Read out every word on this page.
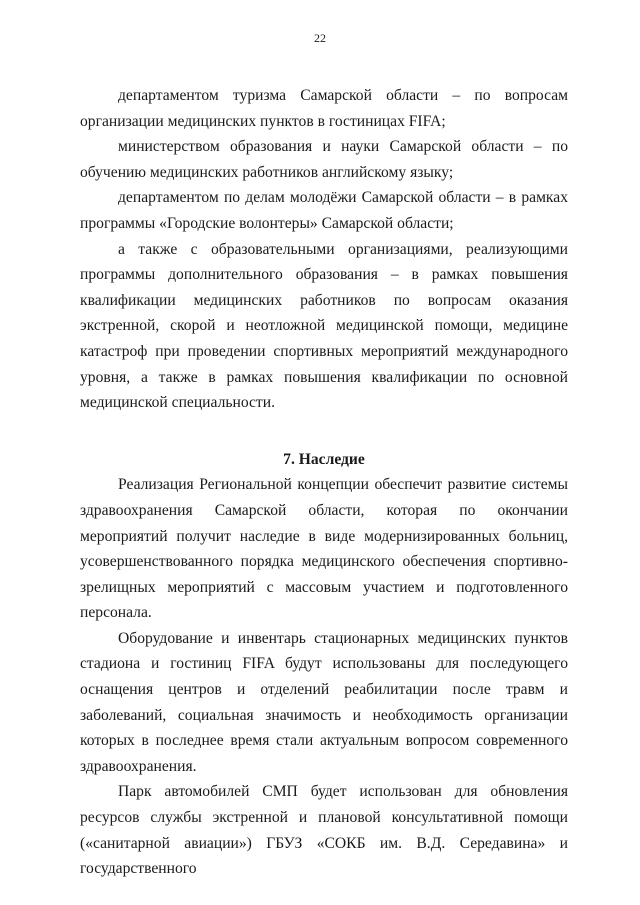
22

департаментом туризма Самарской области – по вопросам организации медицинских пунктов в гостиницах FIFA;

министерством образования и науки Самарской области – по обучению медицинских работников английскому языку;

департаментом по делам молодёжи Самарской области – в рамках программы «Городские волонтеры» Самарской области;

а также с образовательными организациями, реализующими программы дополнительного образования – в рамках повышения квалификации медицинских работников по вопросам оказания экстренной, скорой и неотложной медицинской помощи, медицине катастроф при проведении спортивных мероприятий международного уровня, а также в рамках повышения квалификации по основной медицинской специальности.

7. Наследие

Реализация Региональной концепции обеспечит развитие системы здравоохранения Самарской области, которая по окончании мероприятий получит наследие в виде модернизированных больниц, усовершенствованного порядка медицинского обеспечения спортивно-зрелищных мероприятий с массовым участием и подготовленного персонала.

Оборудование и инвентарь стационарных медицинских пунктов стадиона и гостиниц FIFA будут использованы для последующего оснащения центров и отделений реабилитации после травм и заболеваний, социальная значимость и необходимость организации которых в последнее время стали актуальным вопросом современного здравоохранения.

Парк автомобилей СМП будет использован для обновления ресурсов службы экстренной и плановой консультативной помощи («санитарной авиации») ГБУЗ «СОКБ им. В.Д. Середавина» и государственного
